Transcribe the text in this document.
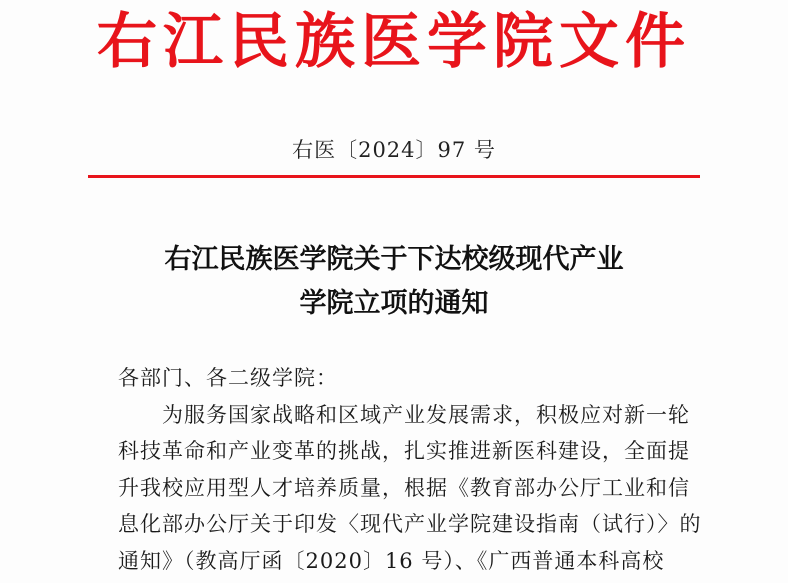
右江民族医学院文件
右医〔2024〕97 号
右江民族医学院关于下达校级现代产业
学院立项的通知
各部门、各二级学院：
为服务国家战略和区域产业发展需求，积极应对新一轮
科技革命和产业变革的挑战，扎实推进新医科建设，全面提
升我校应用型人才培养质量，根据《教育部办公厅工业和信
息化部办公厅关于印发〈现代产业学院建设指南（试行）〉的
通知》（教高厅函〔2020〕16 号）、《广西普通本科高校
